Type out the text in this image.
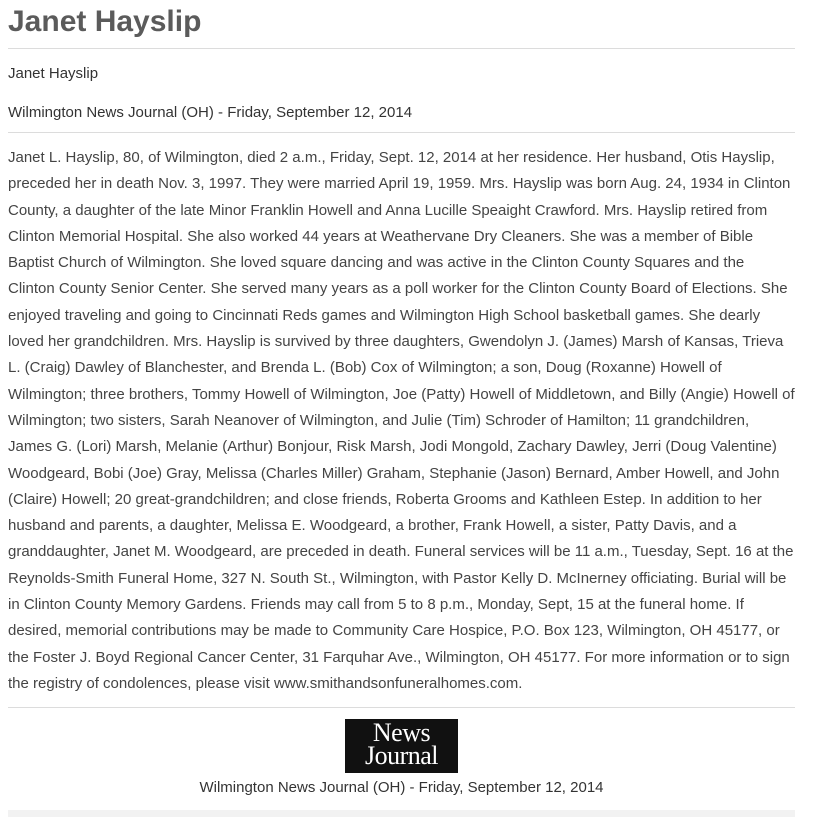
Janet Hayslip
Janet Hayslip
Wilmington News Journal (OH) - Friday, September 12, 2014

Janet L. Hayslip, 80, of Wilmington, died 2 a.m., Friday, Sept. 12, 2014 at her residence. Her husband, Otis Hayslip, preceded her in death Nov. 3, 1997. They were married April 19, 1959. Mrs. Hayslip was born Aug. 24, 1934 in Clinton County, a daughter of the late Minor Franklin Howell and Anna Lucille Speaight Crawford. Mrs. Hayslip retired from Clinton Memorial Hospital. She also worked 44 years at Weathervane Dry Cleaners. She was a member of Bible Baptist Church of Wilmington. She loved square dancing and was active in the Clinton County Squares and the Clinton County Senior Center. She served many years as a poll worker for the Clinton County Board of Elections. She enjoyed traveling and going to Cincinnati Reds games and Wilmington High School basketball games. She dearly loved her grandchildren. Mrs. Hayslip is survived by three daughters, Gwendolyn J. (James) Marsh of Kansas, Trieva L. (Craig) Dawley of Blanchester, and Brenda L. (Bob) Cox of Wilmington; a son, Doug (Roxanne) Howell of Wilmington; three brothers, Tommy Howell of Wilmington, Joe (Patty) Howell of Middletown, and Billy (Angie) Howell of Wilmington; two sisters, Sarah Neanover of Wilmington, and Julie (Tim) Schroder of Hamilton; 11 grandchildren, James G. (Lori) Marsh, Melanie (Arthur) Bonjour, Risk Marsh, Jodi Mongold, Zachary Dawley, Jerri (Doug Valentine) Woodgeard, Bobi (Joe) Gray, Melissa (Charles Miller) Graham, Stephanie (Jason) Bernard, Amber Howell, and John (Claire) Howell; 20 great-grandchildren; and close friends, Roberta Grooms and Kathleen Estep. In addition to her husband and parents, a daughter, Melissa E. Woodgeard, a brother, Frank Howell, a sister, Patty Davis, and a granddaughter, Janet M. Woodgeard, are preceded in death. Funeral services will be 11 a.m., Tuesday, Sept. 16 at the Reynolds-Smith Funeral Home, 327 N. South St., Wilmington, with Pastor Kelly D. McInerney officiating. Burial will be in Clinton County Memory Gardens. Friends may call from 5 to 8 p.m., Monday, Sept, 15 at the funeral home. If desired, memorial contributions may be made to Community Care Hospice, P.O. Box 123, Wilmington, OH 45177, or the Foster J. Boyd Regional Cancer Center, 31 Farquhar Ave., Wilmington, OH 45177. For more information or to sign the registry of condolences, please visit www.smithandsonfuneralhomes.com.

News
Journal
Wilmington News Journal (OH) - Friday, September 12, 2014
